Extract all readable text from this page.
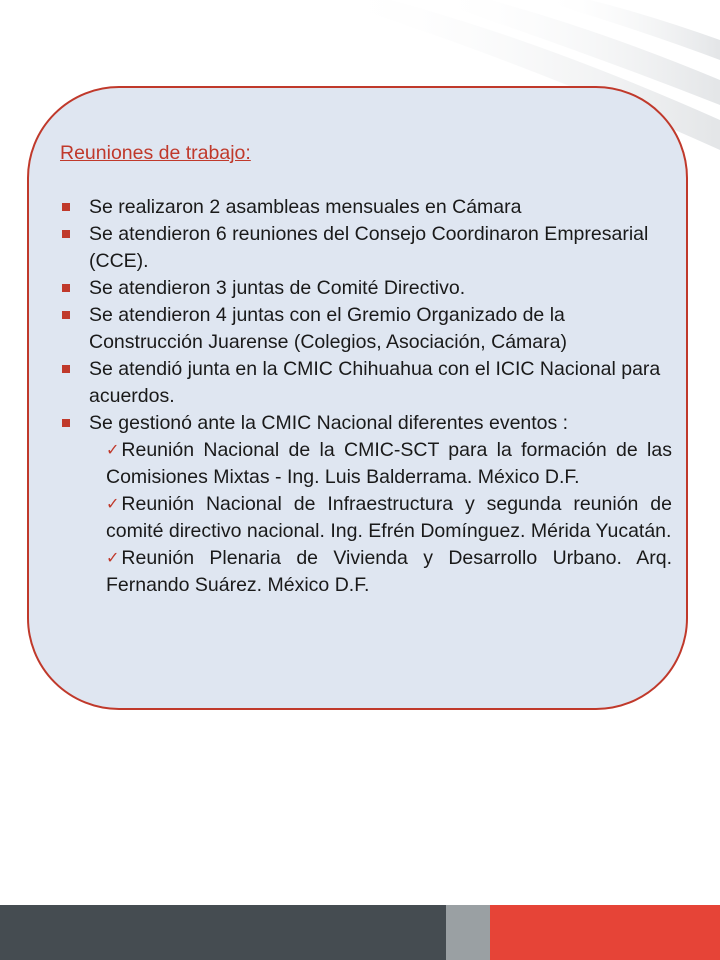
Reuniones de trabajo:
Se realizaron 2 asambleas mensuales en Cámara
Se atendieron 6 reuniones del Consejo Coordinaron Empresarial (CCE).
Se atendieron 3 juntas de Comité Directivo.
Se atendieron 4 juntas con el Gremio Organizado de la Construcción Juarense (Colegios, Asociación, Cámara)
Se atendió junta en la CMIC Chihuahua con el ICIC Nacional para acuerdos.
Se gestionó ante la CMIC Nacional diferentes eventos :
✓ Reunión Nacional de la CMIC-SCT para la formación de las Comisiones Mixtas - Ing. Luis Balderrama. México D.F.
✓ Reunión Nacional de Infraestructura y segunda reunión de comité directivo nacional. Ing. Efrén Domínguez. Mérida Yucatán.
✓ Reunión Plenaria de Vivienda y Desarrollo Urbano. Arq. Fernando Suárez. México D.F.
